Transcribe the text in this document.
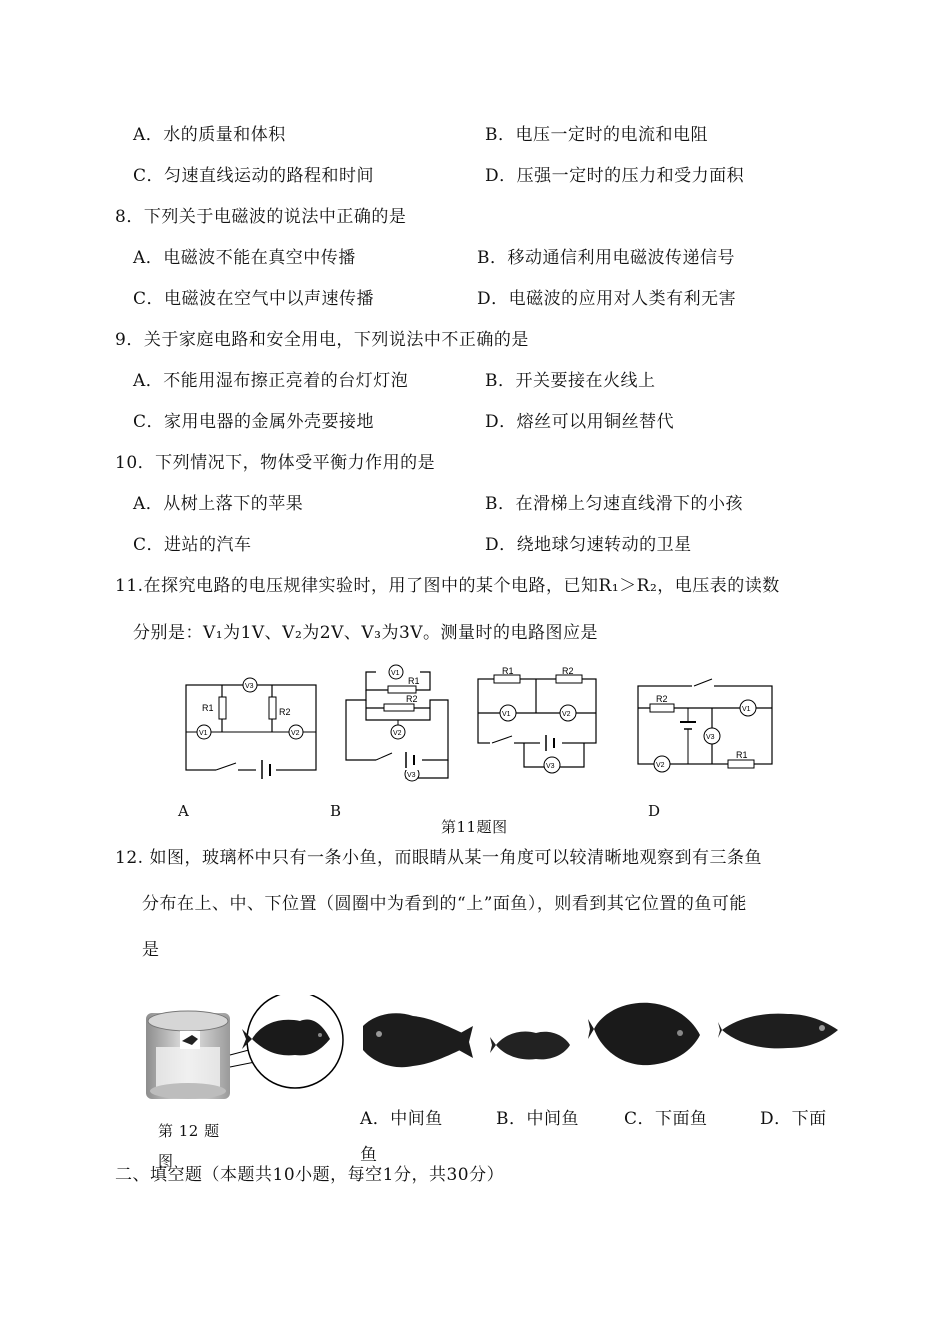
A．水的质量和体积	B．电压一定时的电流和电阻
C．匀速直线运动的路程和时间	D．压强一定时的压力和受力面积
8．下列关于电磁波的说法中正确的是
A．电磁波不能在真空中传播	B．移动通信利用电磁波传递信号
C．电磁波在空气中以声速传播	D．电磁波的应用对人类有利无害
9．关于家庭电路和安全用电，下列说法中不正确的是
A．不能用湿布擦正亮着的台灯灯泡	B．开关要接在火线上
C．家用电器的金属外壳要接地	D．熔丝可以用铜丝替代
10．下列情况下，物体受平衡力作用的是
A．从树上落下的苹果	B．在滑梯上匀速直线滑下的小孩
C．进站的汽车	D．绕地球匀速转动的卫星
11.在探究电路的电压规律实验时，用了图中的某个电路，已知R₁＞R₂，电压表的读数
分别是：V₁为1V、V₂为2V、V₃为3V。测量时的电路图应是
V3
V1	V2
R1	R2
V1
V2
V3
R1
R2
V1	V2
V3
R1	R2
V1
V3
V2
R2
R1
A	B
第11题图
D
12. 如图，玻璃杯中只有一条小鱼，而眼睛从某一角度可以较清晰地观察到有三条鱼
分布在上、中、下位置（圆圈中为看到的“上”面鱼），则看到其它位置的鱼可能
是
第 12 题
图
A．中间鱼
鱼
B．中间鱼	C．下面鱼	D．下面
二、填空题（本题共10小题，每空1分，共30分）
